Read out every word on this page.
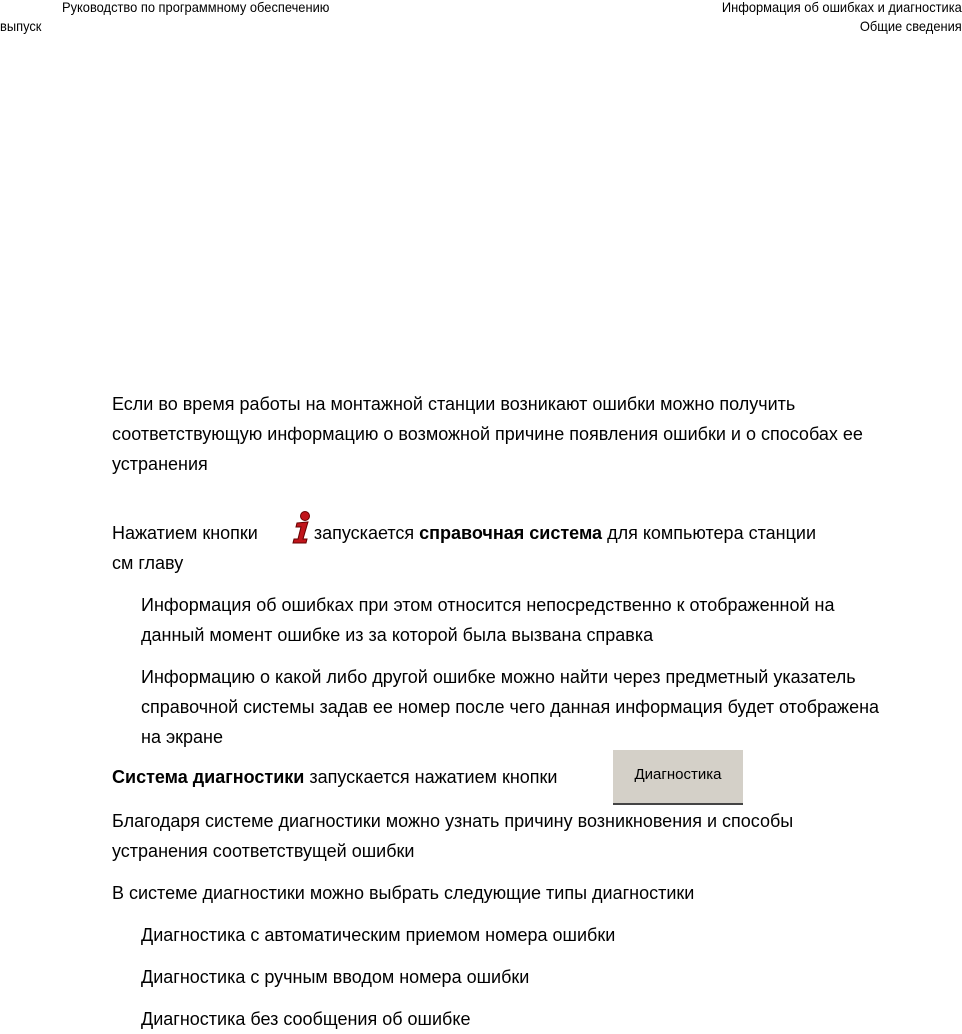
Руководство по программному обеспечению
выпуск
Информация об ошибках и диагностика
Общие сведения
Если во время работы на монтажной станции возникают ошибки можно получить
соответствующую информацию о возможной причине появления ошибки и о способах ее
устранения
Нажатием кнопки	запускается справочная система для компьютера станции
см главу
Информация об ошибках при этом относится непосредственно к отображенной на
данный момент ошибке из за которой была вызвана справка
Информацию о какой либо другой ошибке можно найти через предметный указатель
справочной системы задав ее номер после чего данная информация будет отображена
на экране
Система диагностики запускается нажатием кнопки	Диагностика
Благодаря системе диагностики можно узнать причину возникновения и способы
устранения соответствущей ошибки
В системе диагностики можно выбрать следующие типы диагностики
Диагностика с автоматическим приемом номера ошибки
Диагностика с ручным вводом номера ошибки
Диагностика без сообщения об ошибке
